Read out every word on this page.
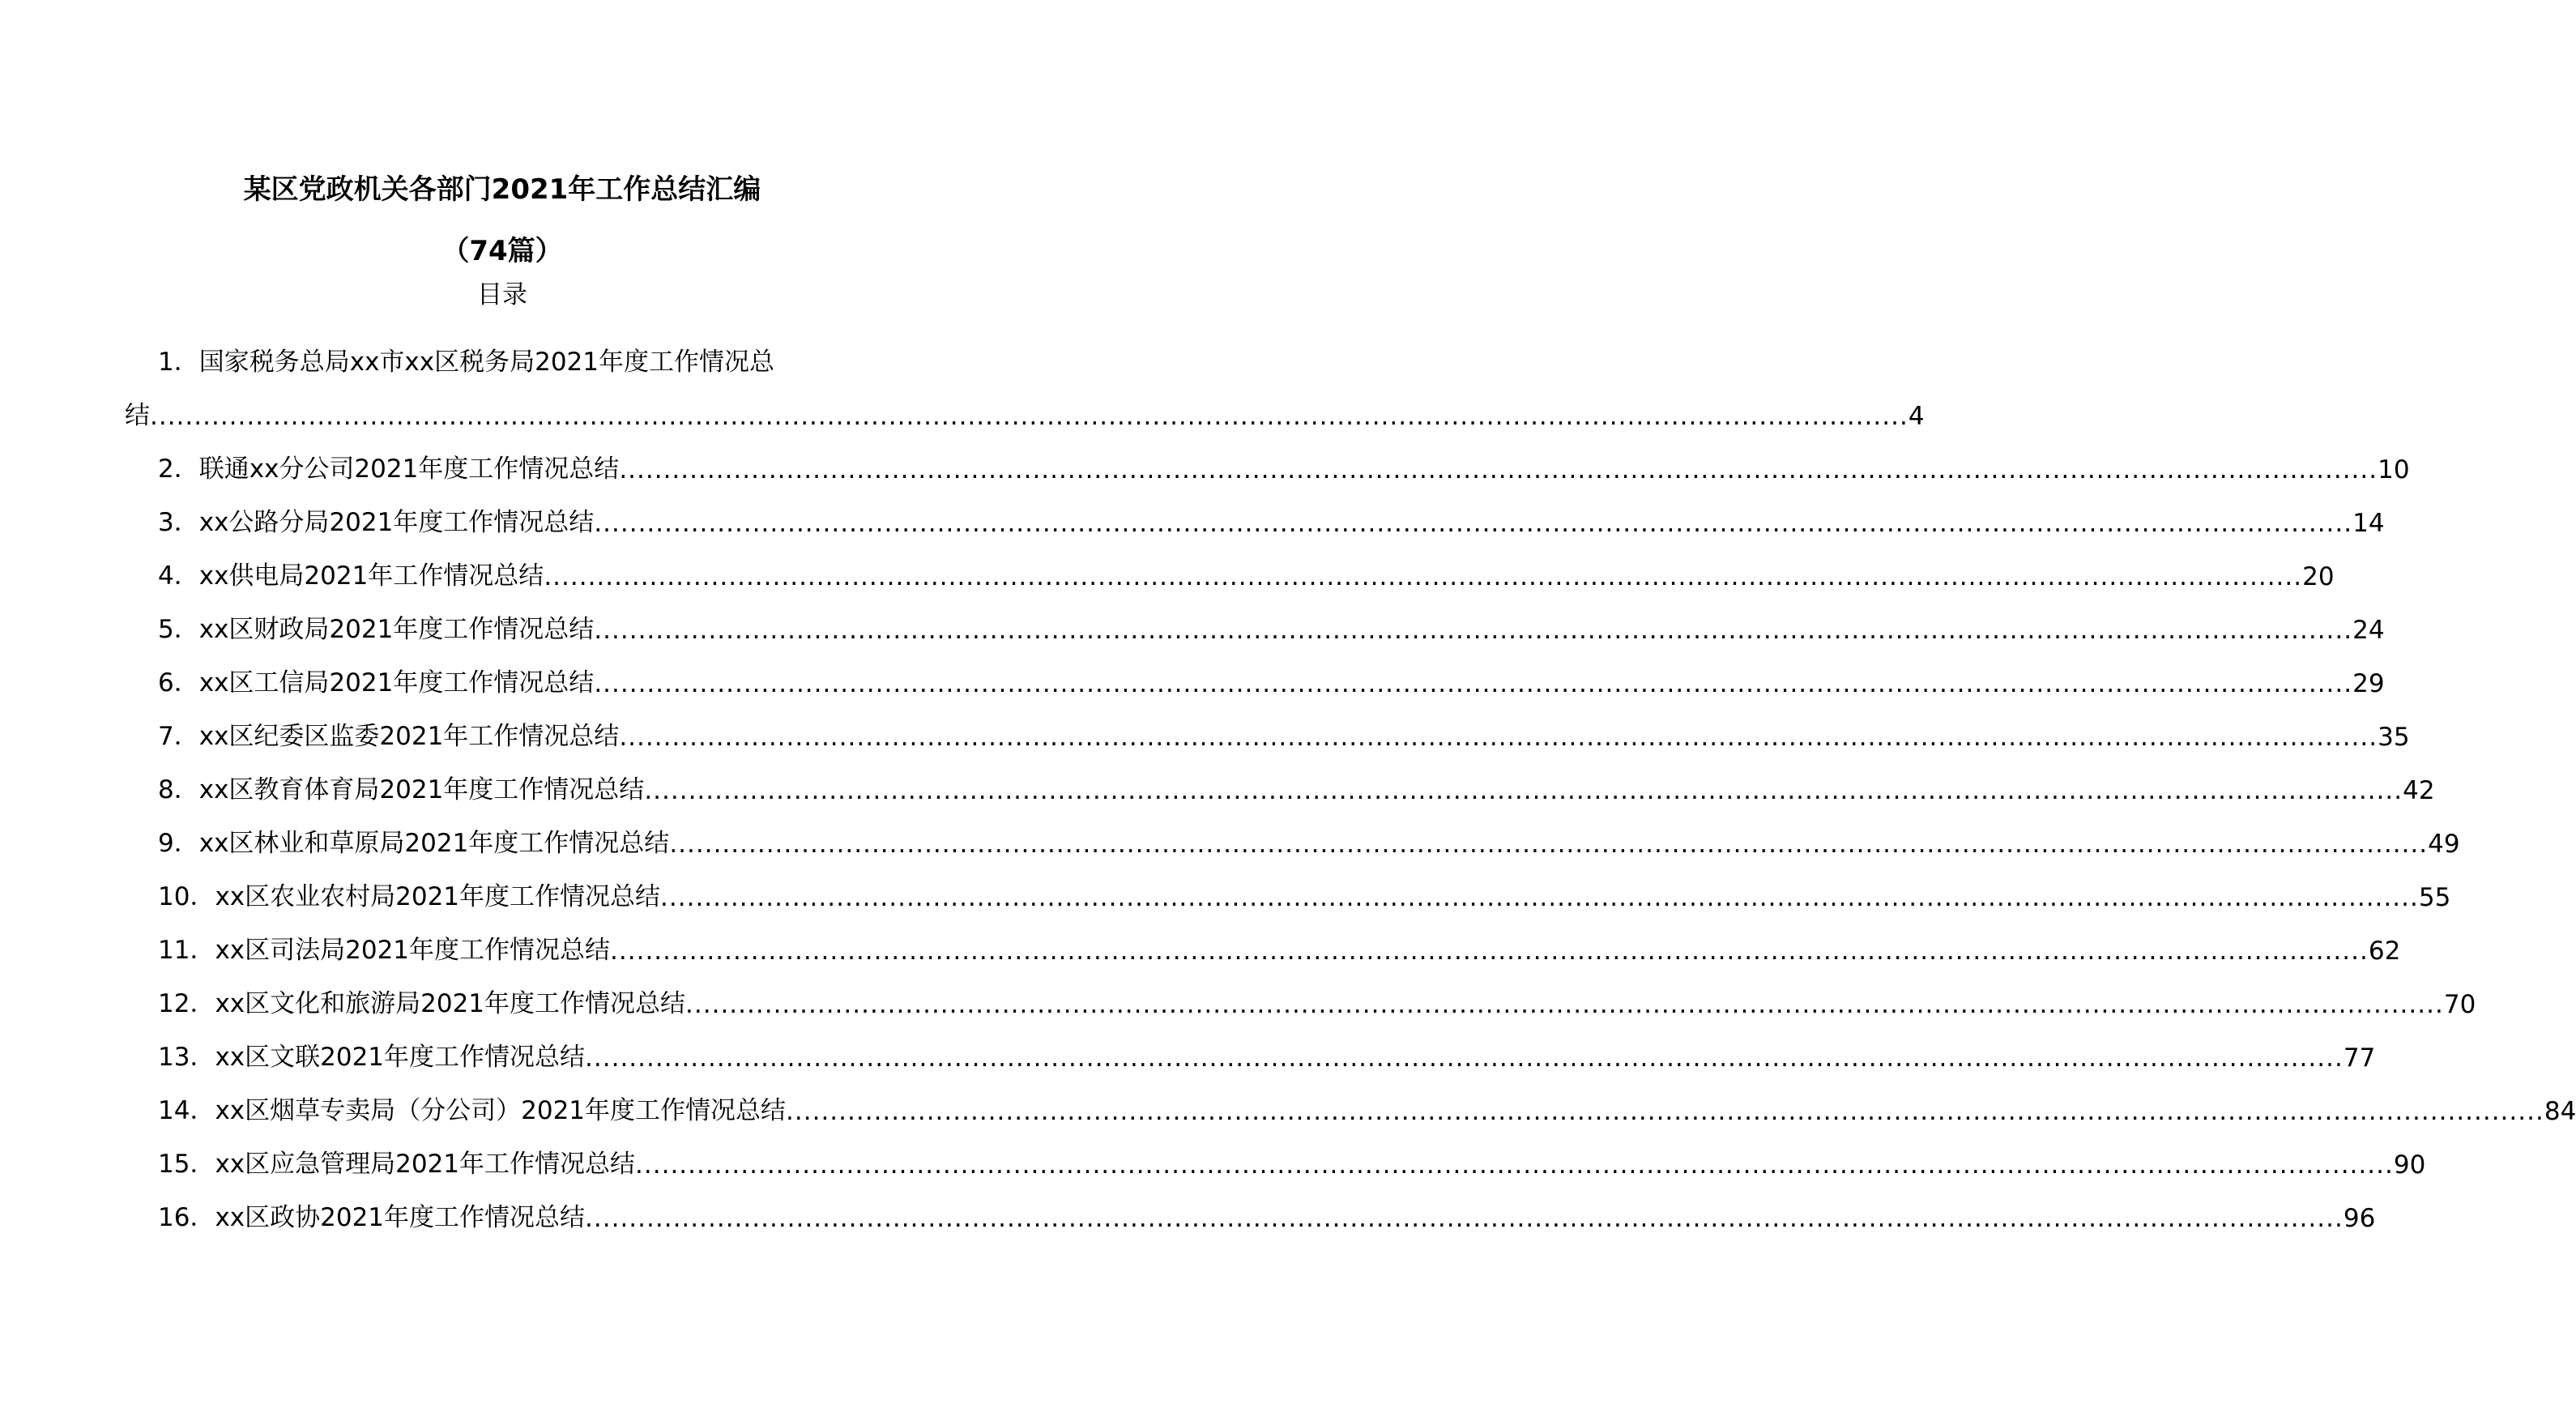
某区党政机关各部门2021年工作总结汇编
（74篇）
目录
1．国家税务总局xx市xx区税务局2021年度工作情况总
结 ........................................................................................................................................................................................................ 4
2．联通xx分公司2021年度工作情况总结 ........................................................................................................................................................................................................ 10
3．xx公路分局2021年度工作情况总结 ........................................................................................................................................................................................................ 14
4．xx供电局2021年工作情况总结 ........................................................................................................................................................................................................ 20
5．xx区财政局2021年度工作情况总结 ........................................................................................................................................................................................................ 24
6．xx区工信局2021年度工作情况总结 ........................................................................................................................................................................................................ 29
7．xx区纪委区监委2021年工作情况总结 ........................................................................................................................................................................................................ 35
8．xx区教育体育局2021年度工作情况总结 ........................................................................................................................................................................................................ 42
9．xx区林业和草原局2021年度工作情况总结 ........................................................................................................................................................................................................ 49
10．xx区农业农村局2021年度工作情况总结 ........................................................................................................................................................................................................ 55
11．xx区司法局2021年度工作情况总结 ........................................................................................................................................................................................................ 62
12．xx区文化和旅游局2021年度工作情况总结 ........................................................................................................................................................................................................ 70
13．xx区文联2021年度工作情况总结 ........................................................................................................................................................................................................ 77
14．xx区烟草专卖局（分公司）2021年度工作情况总结 ........................................................................................................................................................................................................ 84
15．xx区应急管理局2021年工作情况总结 ........................................................................................................................................................................................................ 90
16．xx区政协2021年度工作情况总结 ........................................................................................................................................................................................................ 96
